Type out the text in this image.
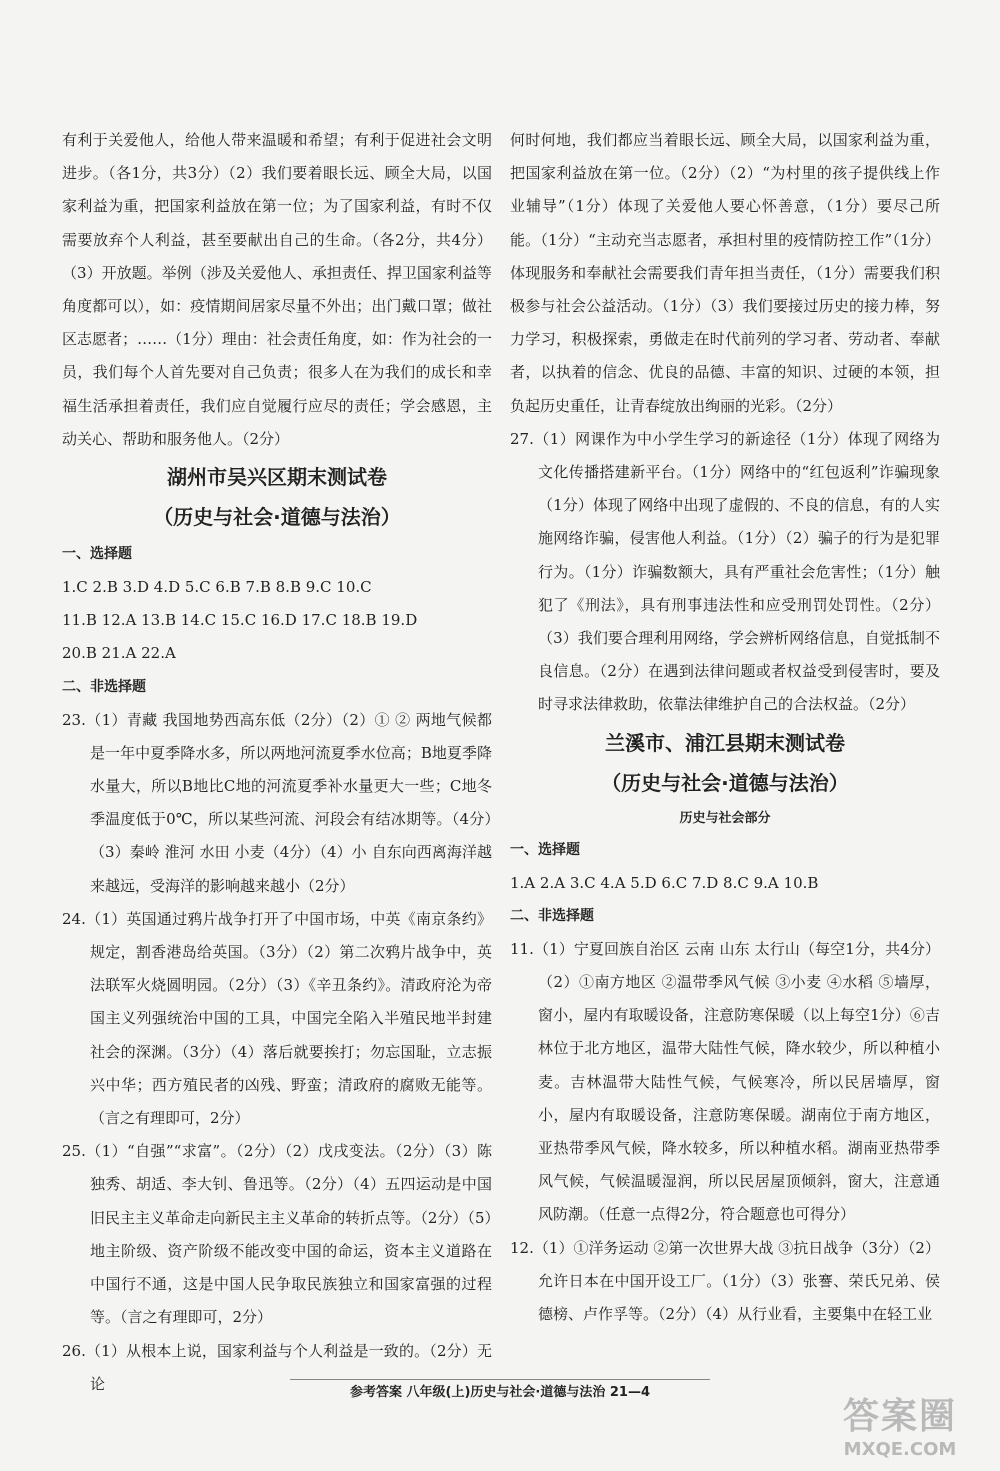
有利于关爱他人，给他人带来温暖和希望；有利于促进社会文明进步。（各1分，共3分）（2）我们要着眼长远、顾全大局，以国家利益为重，把国家利益放在第一位；为了国家利益，有时不仅需要放弃个人利益，甚至要献出自己的生命。（各2分，共4分）（3）开放题。举例（涉及关爱他人、承担责任、捍卫国家利益等角度都可以），如：疫情期间居家尽量不外出；出门戴口罩；做社区志愿者；……（1分）理由：社会责任角度，如：作为社会的一员，我们每个人首先要对自己负责；很多人在为我们的成长和幸福生活承担着责任，我们应自觉履行应尽的责任；学会感恩，主动关心、帮助和服务他人。（2分）

湖州市吴兴区期末测试卷
（历史与社会·道德与法治）
一、选择题

1.C 2.B 3.D 4.D 5.C 6.B 7.B 8.B 9.C 10.C

11.B 12.A 13.B 14.C 15.C 16.D 17.C 18.B 19.D

20.B 21.A 22.A

二、非选择题

23.（1）青藏 我国地势西高东低（2分）（2）① ② 两地气候都是一年中夏季降水多，所以两地河流夏季水位高；B地夏季降水量大，所以B地比C地的河流夏季补水量更大一些；C地冬季温度低于0℃，所以某些河流、河段会有结冰期等。（4分）（3）秦岭 淮河 水田 小麦（4分）（4）小 自东向西离海洋越来越远，受海洋的影响越来越小（2分）

24.（1）英国通过鸦片战争打开了中国市场，中英《南京条约》规定，割香港岛给英国。（3分）（2）第二次鸦片战争中，英法联军火烧圆明园。（2分）（3）《辛丑条约》。清政府沦为帝国主义列强统治中国的工具，中国完全陷入半殖民地半封建社会的深渊。（3分）（4）落后就要挨打；勿忘国耻，立志振兴中华；西方殖民者的凶残、野蛮；清政府的腐败无能等。（言之有理即可，2分）

25.（1）“自强”“求富”。（2分）（2）戊戌变法。（2分）（3）陈独秀、胡适、李大钊、鲁迅等。（2分）（4）五四运动是中国旧民主主义革命走向新民主主义革命的转折点等。（2分）（5）地主阶级、资产阶级不能改变中国的命运，资本主义道路在中国行不通，这是中国人民争取民族独立和国家富强的过程等。（言之有理即可，2分）

26.（1）从根本上说，国家利益与个人利益是一致的。（2分）无论

何时何地，我们都应当着眼长远、顾全大局，以国家利益为重，把国家利益放在第一位。（2分）（2）“为村里的孩子提供线上作业辅导”（1分）体现了关爱他人要心怀善意，（1分）要尽己所能。（1分）“主动充当志愿者，承担村里的疫情防控工作”（1分）体现服务和奉献社会需要我们青年担当责任，（1分）需要我们积极参与社会公益活动。（1分）（3）我们要接过历史的接力棒，努力学习，积极探索，勇做走在时代前列的学习者、劳动者、奉献者，以执着的信念、优良的品德、丰富的知识、过硬的本领，担负起历史重任，让青春绽放出绚丽的光彩。（2分）

27.（1）网课作为中小学生学习的新途径（1分）体现了网络为文化传播搭建新平台。（1分）网络中的“红包返利”诈骗现象（1分）体现了网络中出现了虚假的、不良的信息，有的人实施网络诈骗，侵害他人利益。（1分）（2）骗子的行为是犯罪行为。（1分）诈骗数额大，具有严重社会危害性；（1分）触犯了《刑法》，具有刑事违法性和应受刑罚处罚性。（2分）（3）我们要合理利用网络，学会辨析网络信息，自觉抵制不良信息。（2分）在遇到法律问题或者权益受到侵害时，要及时寻求法律救助，依靠法律维护自己的合法权益。（2分）

兰溪市、浦江县期末测试卷
（历史与社会·道德与法治）
历史与社会部分
一、选择题

1.A 2.A 3.C 4.A 5.D 6.C 7.D 8.C 9.A 10.B

二、非选择题

11.（1）宁夏回族自治区 云南 山东 太行山（每空1分，共4分）（2）①南方地区 ②温带季风气候 ③小麦 ④水稻 ⑤墙厚，窗小，屋内有取暖设备，注意防寒保暖（以上每空1分）⑥吉林位于北方地区，温带大陆性气候，降水较少，所以种植小麦。吉林温带大陆性气候，气候寒冷，所以民居墙厚，窗小，屋内有取暖设备，注意防寒保暖。湖南位于南方地区，亚热带季风气候，降水较多，所以种植水稻。湖南亚热带季风气候，气候温暖湿润，所以民居屋顶倾斜，窗大，注意通风防潮。（任意一点得2分，符合题意也可得分）

12.（1）①洋务运动 ②第一次世界大战 ③抗日战争（3分）（2）允许日本在中国开设工厂。（1分）（3）张謇、荣氏兄弟、侯德榜、卢作孚等。（2分）（4）从行业看，主要集中在轻工业

参考答案 八年级(上)历史与社会·道德与法治 21—4
答案圈
MXQE.COM
